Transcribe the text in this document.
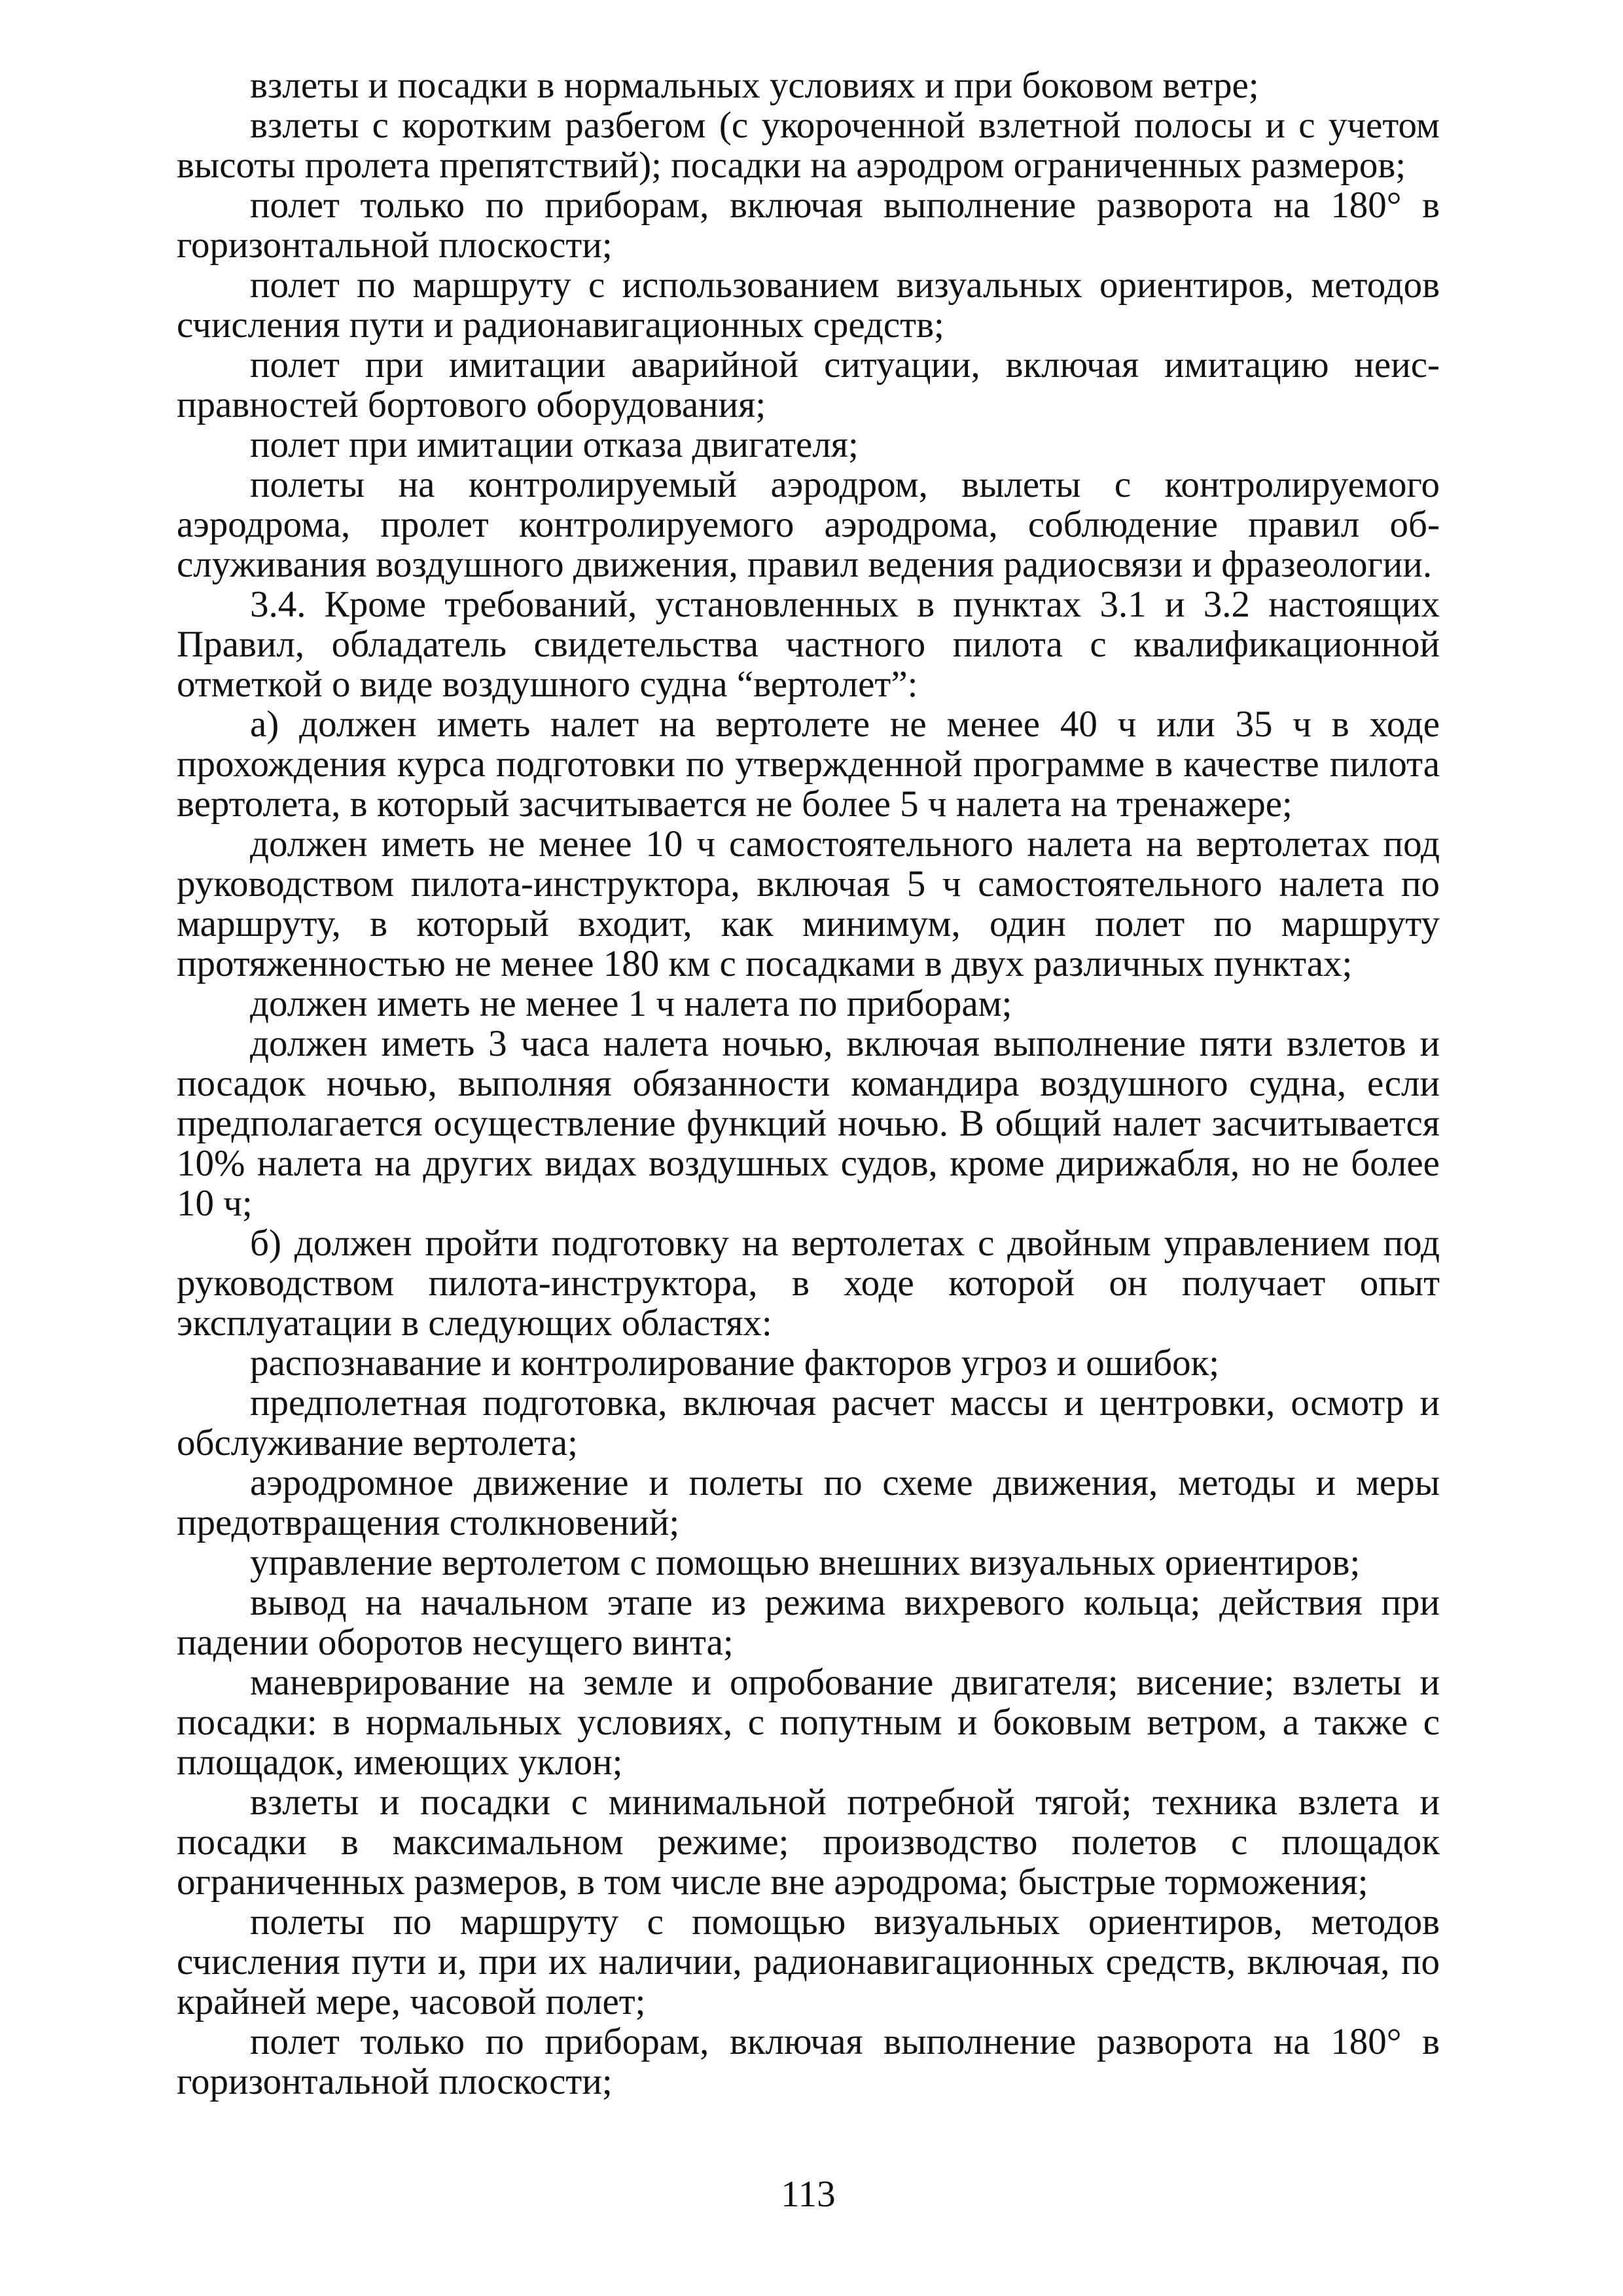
взлеты и посадки в нормальных условиях и при боковом ветре;

взлеты с коротким разбегом (с укороченной взлетной полосы и с учетом высоты пролета препятствий); посадки на аэродром ограниченных размеров;

полет только по приборам, включая выполнение разворота на 180° в горизонтальной плоскости;

полет по маршруту с использованием визуальных ориентиров, методов счисления пути и радионавигационных средств;

полет при имитации аварийной ситуации, включая имитацию неисправностей бортового оборудования;

полет при имитации отказа двигателя;

полеты на контролируемый аэродром, вылеты с контролируемого аэродрома, пролет контролируемого аэродрома, соблюдение правил обслуживания воздушного движения, правил ведения радиосвязи и фразеологии.

3.4. Кроме требований, установленных в пунктах 3.1 и 3.2 настоящих Правил, обладатель свидетельства частного пилота с квалификационной отметкой о виде воздушного судна “вертолет”:

а) должен иметь налет на вертолете не менее 40 ч или 35 ч в ходе прохождения курса подготовки по утвержденной программе в качестве пилота вертолета, в который засчитывается не более 5 ч налета на тренажере;

должен иметь не менее 10 ч самостоятельного налета на вертолетах под руководством пилота-инструктора, включая 5 ч самостоятельного налета по маршруту, в который входит, как минимум, один полет по маршруту протяженностью не менее 180 км с посадками в двух различных пунктах;

должен иметь не менее 1 ч налета по приборам;

должен иметь 3 часа налета ночью, включая выполнение пяти взлетов и посадок ночью, выполняя обязанности командира воздушного судна, если предполагается осуществление функций ночью. В общий налет засчитывается 10% налета на других видах воздушных судов, кроме дирижабля, но не более 10 ч;

б) должен пройти подготовку на вертолетах с двойным управлением под руководством пилота-инструктора, в ходе которой он получает опыт эксплуатации в следующих областях:

распознавание и контролирование факторов угроз и ошибок;

предполетная подготовка, включая расчет массы и центровки, осмотр и обслуживание вертолета;

аэродромное движение и полеты по схеме движения, методы и меры предотвращения столкновений;

управление вертолетом с помощью внешних визуальных ориентиров;

вывод на начальном этапе из режима вихревого кольца; действия при падении оборотов несущего винта;

маневрирование на земле и опробование двигателя; висение; взлеты и посадки: в нормальных условиях, с попутным и боковым ветром, а также с площадок, имеющих уклон;

взлеты и посадки с минимальной потребной тягой; техника взлета и посадки в максимальном режиме; производство полетов с площадок ограниченных размеров, в том числе вне аэродрома; быстрые торможения;

полеты по маршруту с помощью визуальных ориентиров, методов счисления пути и, при их наличии, радионавигационных средств, включая, по крайней мере, часовой полет;

полет только по приборам, включая выполнение разворота на 180° в горизонтальной плоскости;

113
